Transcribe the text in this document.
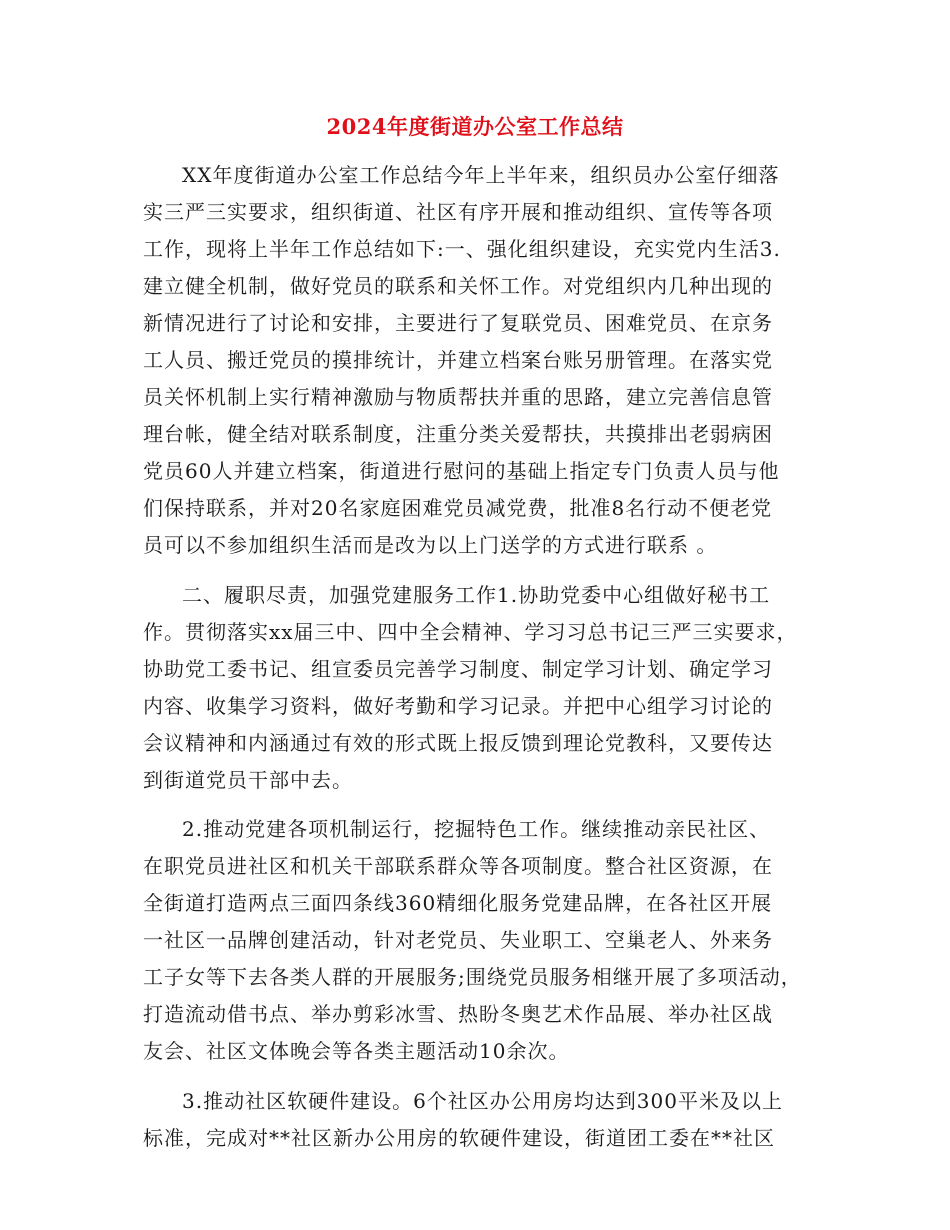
2024年度街道办公室工作总结
XX年度街道办公室工作总结今年上半年来，组织员办公室仔细落
实三严三实要求，组织街道、社区有序开展和推动组织、宣传等各项
工作，现将上半年工作总结如下:一、强化组织建设，充实党内生活3.
建立健全机制，做好党员的联系和关怀工作。对党组织内几种出现的
新情况进行了讨论和安排，主要进行了复联党员、困难党员、在京务
工人员、搬迁党员的摸排统计，并建立档案台账另册管理。在落实党
员关怀机制上实行精神激励与物质帮扶并重的思路，建立完善信息管
理台帐，健全结对联系制度，注重分类关爱帮扶，共摸排出老弱病困
党员60人并建立档案，街道进行慰问的基础上指定专门负责人员与他
们保持联系，并对20名家庭困难党员减党费，批准8名行动不便老党
员可以不参加组织生活而是改为以上门送学的方式进行联系 。
二、履职尽责，加强党建服务工作1.协助党委中心组做好秘书工
作。贯彻落实xx届三中、四中全会精神、学习习总书记三严三实要求，
协助党工委书记、组宣委员完善学习制度、制定学习计划、确定学习
内容、收集学习资料，做好考勤和学习记录。并把中心组学习讨论的
会议精神和内涵通过有效的形式既上报反馈到理论党教科，又要传达
到街道党员干部中去。
2.推动党建各项机制运行，挖掘特色工作。继续推动亲民社区、
在职党员进社区和机关干部联系群众等各项制度。整合社区资源，在
全街道打造两点三面四条线360精细化服务党建品牌，在各社区开展
一社区一品牌创建活动，针对老党员、失业职工、空巢老人、外来务
工子女等下去各类人群的开展服务;围绕党员服务相继开展了多项活动，
打造流动借书点、举办剪彩冰雪、热盼冬奥艺术作品展、举办社区战
友会、社区文体晚会等各类主题活动10余次。
3.推动社区软硬件建设。6个社区办公用房均达到300平米及以上
标准，完成对**社区新办公用房的软硬件建设，街道团工委在**社区
